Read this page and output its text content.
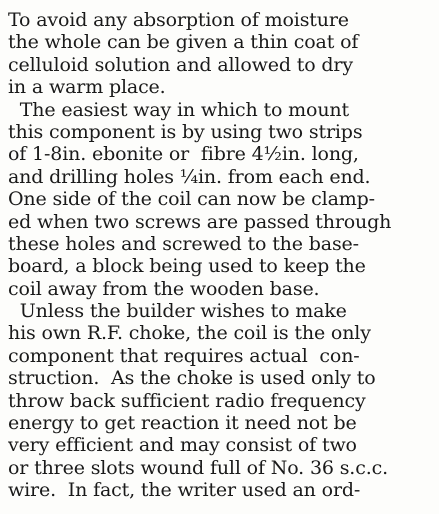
To avoid any absorption of moisture
the whole can be given a thin coat of
celluloid solution and allowed to dry
in a warm place.
The easiest way in which to mount
this component is by using two strips
of 1-8in. ebonite or  fibre 4½in. long,
and drilling holes ¼in. from each end.
One side of the coil can now be clamp-
ed when two screws are passed through
these holes and screwed to the base-
board, a block being used to keep the
coil away from the wooden base.
Unless the builder wishes to make
his own R.F. choke, the coil is the only
component that requires actual  con-
struction.  As the choke is used only to
throw back sufficient radio frequency
energy to get reaction it need not be
very efficient and may consist of two
or three slots wound full of No. 36 s.c.c.
wire.  In fact, the writer used an ord-
